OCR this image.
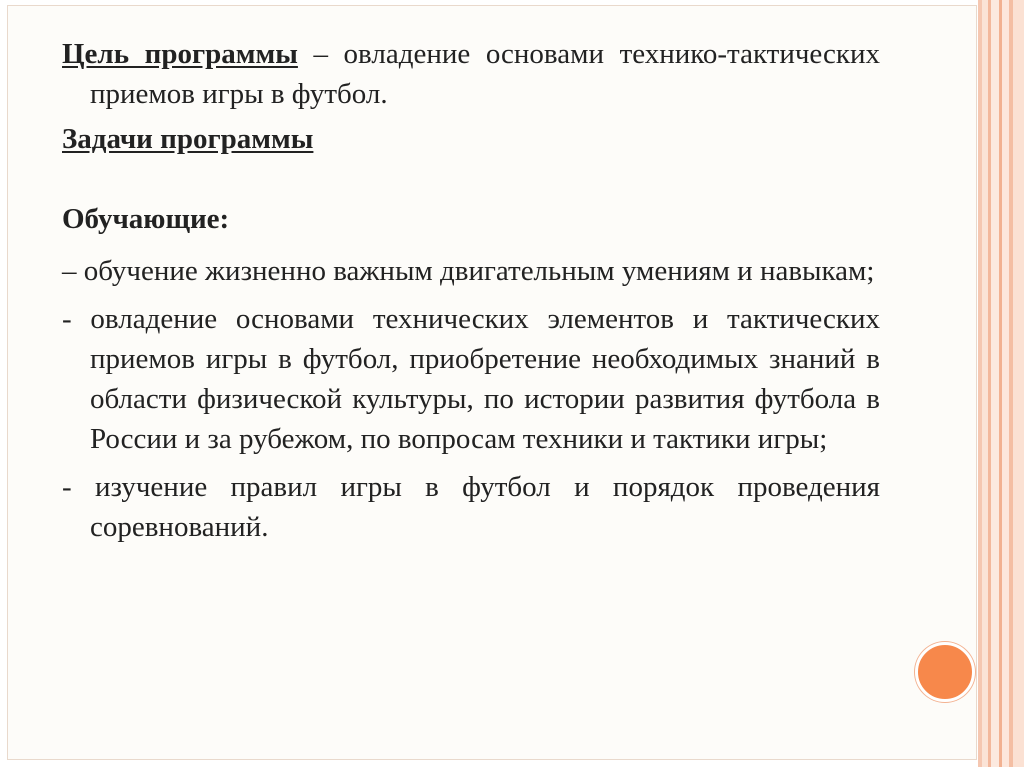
Цель программы – овладение основами технико-тактических приемов игры в футбол.

Задачи программы

Обучающие:

– обучение жизненно важным двигательным умениям и навыкам;

- овладение основами технических элементов и тактических приемов игры в футбол, приобретение необходимых знаний в области физической культуры, по истории развития футбола в России и за рубежом, по вопросам техники и тактики игры;

- изучение правил игры в футбол и порядок проведения соревнований.
